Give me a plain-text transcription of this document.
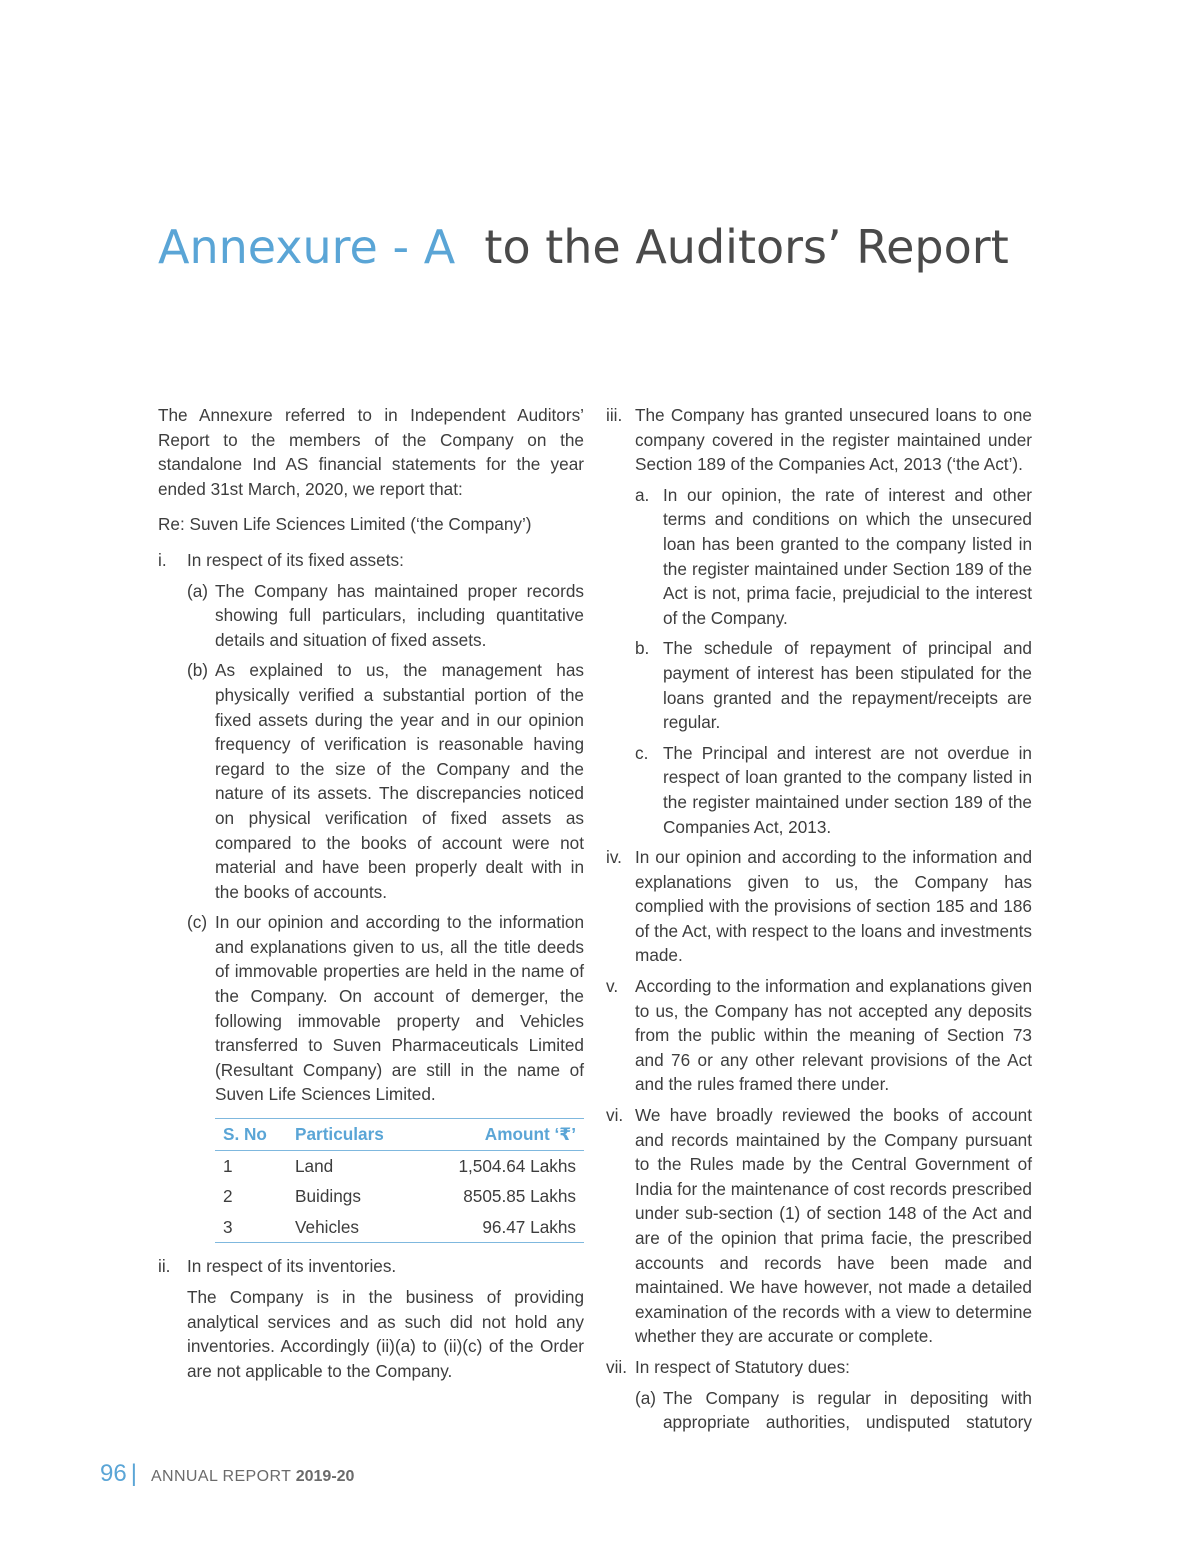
Annexure - A to the Auditors’ Report

The Annexure referred to in Independent Auditors’ Report to the members of the Company on the standalone Ind AS financial statements for the year ended 31st March, 2020, we report that:

Re: Suven Life Sciences Limited (‘the Company’)

i.	In respect of its fixed assets:

(a) The Company has maintained proper records showing full particulars, including quantitative details and situation of fixed assets.

(b) As explained to us, the management has physically verified a substantial portion of the fixed assets during the year and in our opinion frequency of verification is reasonable having regard to the size of the Company and the nature of its assets. The discrepancies noticed on physical verification of fixed assets as compared to the books of account were not material and have been properly dealt with in the books of accounts.

(c) In our opinion and according to the information and explanations given to us, all the title deeds of immovable properties are held in the name of the Company. On account of demerger, the following immovable property and Vehicles transferred to Suven Pharmaceuticals Limited (Resultant Company) are still in the name of Suven Life Sciences Limited.

S. No	Particulars	Amount ‘₹’
1	Land	1,504.64 Lakhs
2	Buidings	8505.85 Lakhs
3	Vehicles	96.47 Lakhs
ii. In respect of its inventories.

The Company is in the business of providing analytical services and as such did not hold any inventories. Accordingly (ii)(a) to (ii)(c) of the Order are not applicable to the Company.

iii. The Company has granted unsecured loans to one company covered in the register maintained under Section 189 of the Companies Act, 2013 (‘the Act’).

a. In our opinion, the rate of interest and other terms and conditions on which the unsecured loan has been granted to the company listed in the register maintained under Section 189 of the Act is not, prima facie, prejudicial to the interest of the Company.

b. The schedule of repayment of principal and payment of interest has been stipulated for the loans granted and the repayment/receipts are regular.

c. The Principal and interest are not overdue in respect of loan granted to the company listed in the register maintained under section 189 of the Companies Act, 2013.

iv. In our opinion and according to the information and explanations given to us, the Company has complied with the provisions of section 185 and 186 of the Act, with respect to the loans and investments made.

v. According to the information and explanations given to us, the Company has not accepted any deposits from the public within the meaning of Section 73 and 76 or any other relevant provisions of the Act and the rules framed there under.

vi. We have broadly reviewed the books of account and records maintained by the Company pursuant to the Rules made by the Central Government of India for the maintenance of cost records prescribed under sub-section (1) of section 148 of the Act and are of the opinion that prima facie, the prescribed accounts and records have been made and maintained. We have however, not made a detailed examination of the records with a view to determine whether they are accurate or complete.

vii. In respect of Statutory dues:

(a) The Company is regular in depositing with appropriate authorities, undisputed statutory

96 | ANNUAL REPORT 2019-20
